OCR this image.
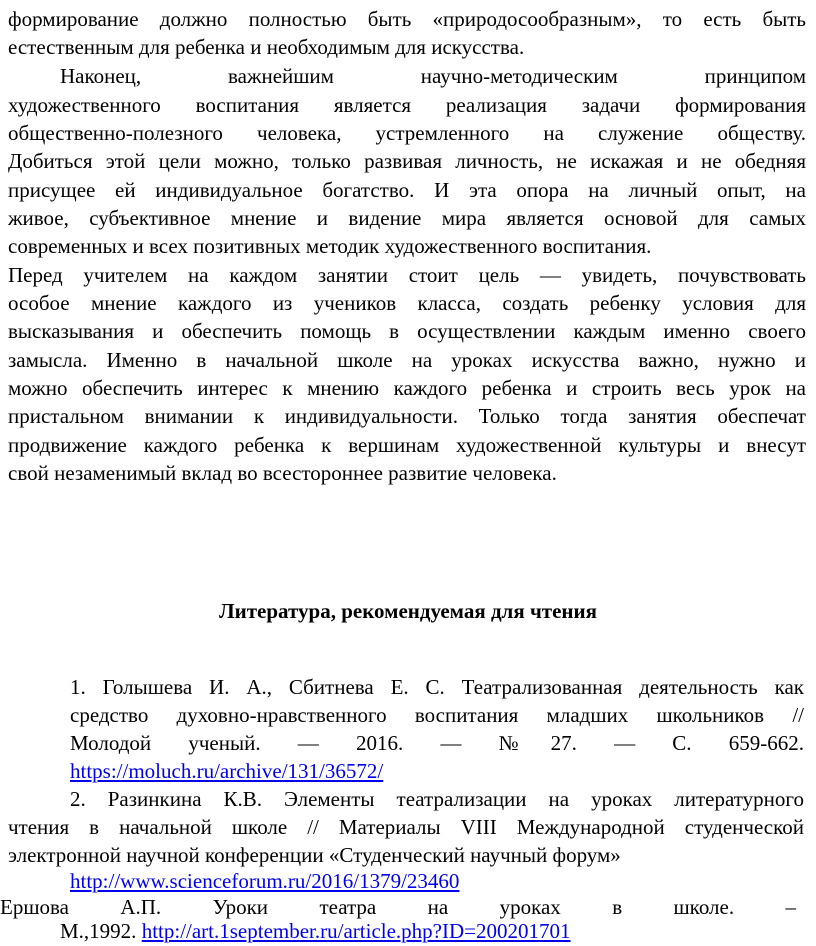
формирование должно полностью быть «природосообразным», то есть быть
естественным для ребенка и необходимым для искусства.
Наконец, важнейшим научно-методическим принципом
художественного воспитания является реализация задачи формирования
общественно-полезного человека, устремленного на служение обществу.
Добиться этой цели можно, только развивая личность, не искажая и не обедняя
присущее ей индивидуальное богатство. И эта опора на личный опыт, на
живое, субъективное мнение и видение мира является основой для самых
современных и всех позитивных методик художественного воспитания.
Перед учителем на каждом занятии стоит цель — увидеть, почувствовать
особое мнение каждого из учеников класса, создать ребенку условия для
высказывания и обеспечить помощь в осуществлении каждым именно своего
замысла. Именно в начальной школе на уроках искусства важно, нужно и
можно обеспечить интерес к мнению каждого ребенка и строить весь урок на
пристальном внимании к индивидуальности. Только тогда занятия обеспечат
продвижение каждого ребенка к вершинам художественной культуры и внесут
свой незаменимый вклад во всестороннее развитие человека.
Литература, рекомендуемая для чтения
1. Голышева И. А., Сбитнева Е. С. Театрализованная деятельность как
средство духовно-нравственного воспитания младших школьников //
Молодой ученый. — 2016. — №27. — С. 659-662.
https://moluch.ru/archive/131/36572/
2. Разинкина К.В. Элементы театрализации на уроках литературного
чтения в начальной школе // Материалы VIII Международной студенческой
электронной научной конференции «Студенческий научный форум»
http://www.scienceforum.ru/2016/1379/23460
Ершова А.П. Уроки театра на уроках в школе. –
М.,1992. http://art.1september.ru/article.php?ID=200201701
